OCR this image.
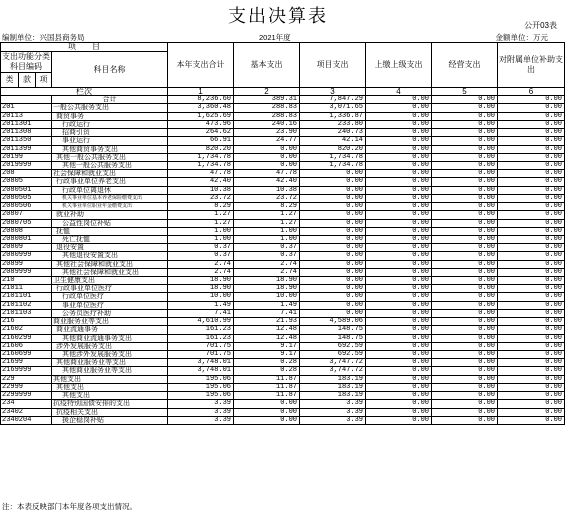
支出决算表	公开03表
编制单位：兴国县商务局	2021年度	金额单位：万元
项　　目				本年支出合计	基本支出	项目支出	上缴上级支出	经营支出	对附属单位补助支出
支出功能分类科目编码			科目名称						

类	款	项							
栏次				1	2	3	4	5	6
			合计	8,236.60	389.31	7,847.29	0.00	0.00	0.00
201			一般公共服务支出	3,360.48	288.83	3,071.65	0.00	0.00	0.00
20113			商贸事务	1,625.69	288.83	1,336.87	0.00	0.00	0.00
2011301			行政运行	473.96	240.16	233.80	0.00	0.00	0.00
2011308			招商引资	264.62	23.90	240.73	0.00	0.00	0.00
2011350			事业运行	66.91	24.77	42.14	0.00	0.00	0.00
2011399			其他商贸事务支出	820.20	0.00	820.20	0.00	0.00	0.00
20199			其他一般公共服务支出	1,734.78	0.00	1,734.78	0.00	0.00	0.00
2019999			其他一般公共服务支出	1,734.78	0.00	1,734.78	0.00	0.00	0.00
208			社会保障和就业支出	47.78	47.78	0.00	0.00	0.00	0.00
20805			行政事业单位养老支出	42.40	42.40	0.00	0.00	0.00	0.00
2080501			行政单位离退休	10.38	10.38	0.00	0.00	0.00	0.00
2080505			机关事业单位基本养老保险缴费支出	23.72	23.72	0.00	0.00	0.00	0.00
2080506			机关事业单位职业年金缴费支出	8.29	8.29	0.00	0.00	0.00	0.00
20807			就业补助	1.27	1.27	0.00	0.00	0.00	0.00
2080705			公益性岗位补贴	1.27	1.27	0.00	0.00	0.00	0.00
20808			抚恤	1.00	1.00	0.00	0.00	0.00	0.00
2080801			死亡抚恤	1.00	1.00	0.00	0.00	0.00	0.00
20809			退役安置	0.37	0.37	0.00	0.00	0.00	0.00
2080999			其他退役安置支出	0.37	0.37	0.00	0.00	0.00	0.00
20899			其他社会保障和就业支出	2.74	2.74	0.00	0.00	0.00	0.00
2089999			其他社会保障和就业支出	2.74	2.74	0.00	0.00	0.00	0.00
210			卫生健康支出	18.90	18.90	0.00	0.00	0.00	0.00
21011			行政事业单位医疗	18.90	18.90	0.00	0.00	0.00	0.00
2101101			行政单位医疗	10.00	10.00	0.00	0.00	0.00	0.00
2101102			事业单位医疗	1.49	1.49	0.00	0.00	0.00	0.00
2101103			公务员医疗补助	7.41	7.41	0.00	0.00	0.00	0.00
216			商业服务业等支出	4,610.99	21.93	4,589.06	0.00	0.00	0.00
21602			商业流通事务	161.23	12.48	148.75	0.00	0.00	0.00
2160299			其他商业流通事务支出	161.23	12.48	148.75	0.00	0.00	0.00
21606			涉外发展服务支出	701.75	9.17	692.59	0.00	0.00	0.00
2160699			其他涉外发展服务支出	701.75	9.17	692.59	0.00	0.00	0.00
21699			其他商业服务业等支出	3,748.01	0.28	3,747.72	0.00	0.00	0.00
2169999			其他商业服务业等支出	3,748.01	0.28	3,747.72	0.00	0.00	0.00
229			其他支出	195.06	11.87	183.19	0.00	0.00	0.00
22999			其他支出	195.06	11.87	183.19	0.00	0.00	0.00
2299999			其他支出	195.06	11.87	183.19	0.00	0.00	0.00
234			抗疫特别国债安排的支出	3.39	0.00	3.39	0.00	0.00	0.00
23402			抗疫相关支出	3.39	0.00	3.39	0.00	0.00	0.00
2340204			援企稳岗补贴	3.39	0.00	3.39	0.00	0.00	0.00
注：本表反映部门本年度各项支出情况。
